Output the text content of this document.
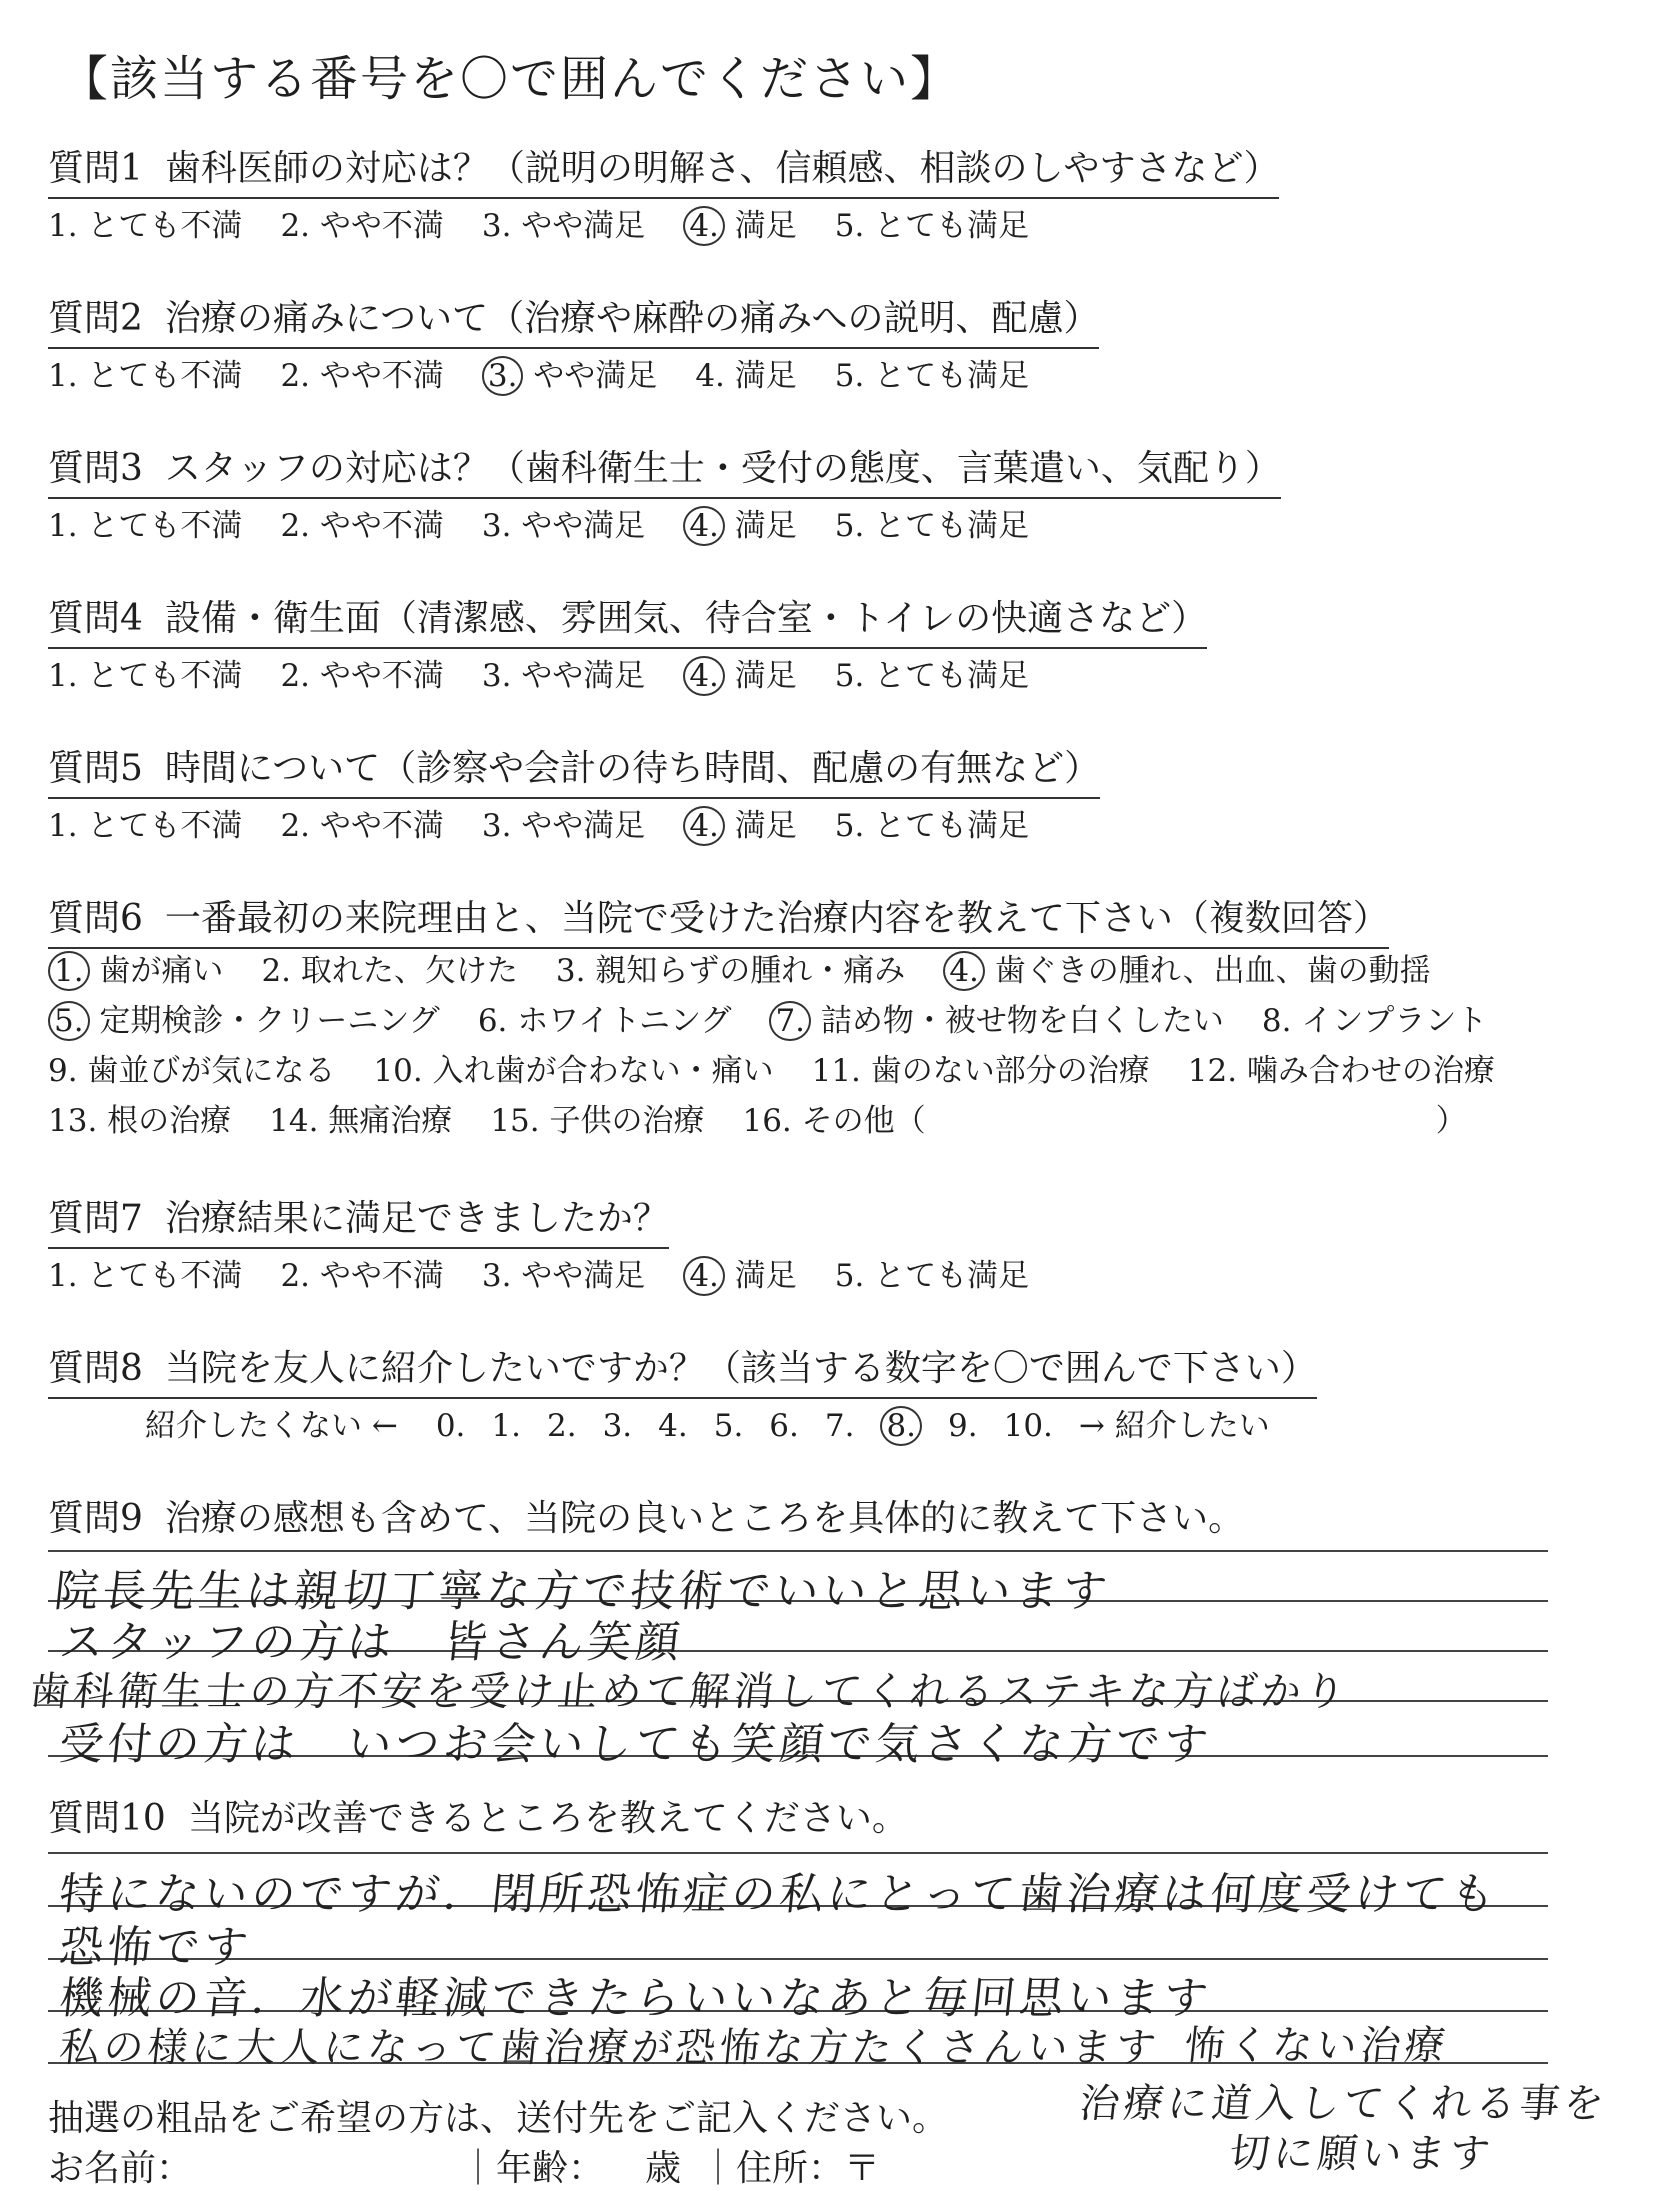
【該当する番号を〇で囲んでください】
質問1 歯科医師の対応は？（説明の明解さ、信頼感、相談のしやすさなど）
1. とても不満 2. やや不満 3. やや満足 4. 満足 5. とても満足
質問2 治療の痛みについて（治療や麻酔の痛みへの説明、配慮）
1. とても不満 2. やや不満 3. やや満足 4. 満足 5. とても満足
質問3 スタッフの対応は？（歯科衛生士・受付の態度、言葉遣い、気配り）
1. とても不満 2. やや不満 3. やや満足 4. 満足 5. とても満足
質問4 設備・衛生面（清潔感、雰囲気、待合室・トイレの快適さなど）
1. とても不満 2. やや不満 3. やや満足 4. 満足 5. とても満足
質問5 時間について（診察や会計の待ち時間、配慮の有無など）
1. とても不満 2. やや不満 3. やや満足 4. 満足 5. とても満足
質問6 一番最初の来院理由と、当院で受けた治療内容を教えて下さい（複数回答）
1. 歯が痛い 2. 取れた、欠けた 3. 親知らずの腫れ・痛み 4. 歯ぐきの腫れ、出血、歯の動揺
5. 定期検診・クリーニング 6. ホワイトニング 7. 詰め物・被せ物を白くしたい 8. インプラント
9. 歯並びが気になる 10. 入れ歯が合わない・痛い 11. 歯のない部分の治療 12. 噛み合わせの治療
13. 根の治療 14. 無痛治療 15. 子供の治療 16. その他（	）
質問7 治療結果に満足できましたか？
1. とても不満 2. やや不満 3. やや満足 4. 満足 5. とても満足
質問8 当院を友人に紹介したいですか？（該当する数字を〇で囲んで下さい）
紹介したくない ← 0. 1. 2. 3. 4. 5. 6. 7. 8. 9. 10. → 紹介したい
質問9 治療の感想も含めて、当院の良いところを具体的に教えて下さい。
院長先生は親切丁寧な方で技術でいいと思います
スタッフの方は　皆さん笑顔
歯科衛生士の方不安を受け止めて解消してくれるステキな方ばかり
受付の方は　いつお会いしても笑顔で気さくな方です
質問10 当院が改善できるところを教えてください。
特にないのですが．閉所恐怖症の私にとって歯治療は何度受けても
恐怖です
機械の音．水が軽減できたらいいなあと毎回思います
私の様に大人になって歯治療が恐怖な方たくさんいます 怖くない治療
治療に道入してくれる事を
切に願います
抽選の粗品をご希望の方は、送付先をご記入ください。
お名前：	｜年齢： 歳 ｜住所：〒
